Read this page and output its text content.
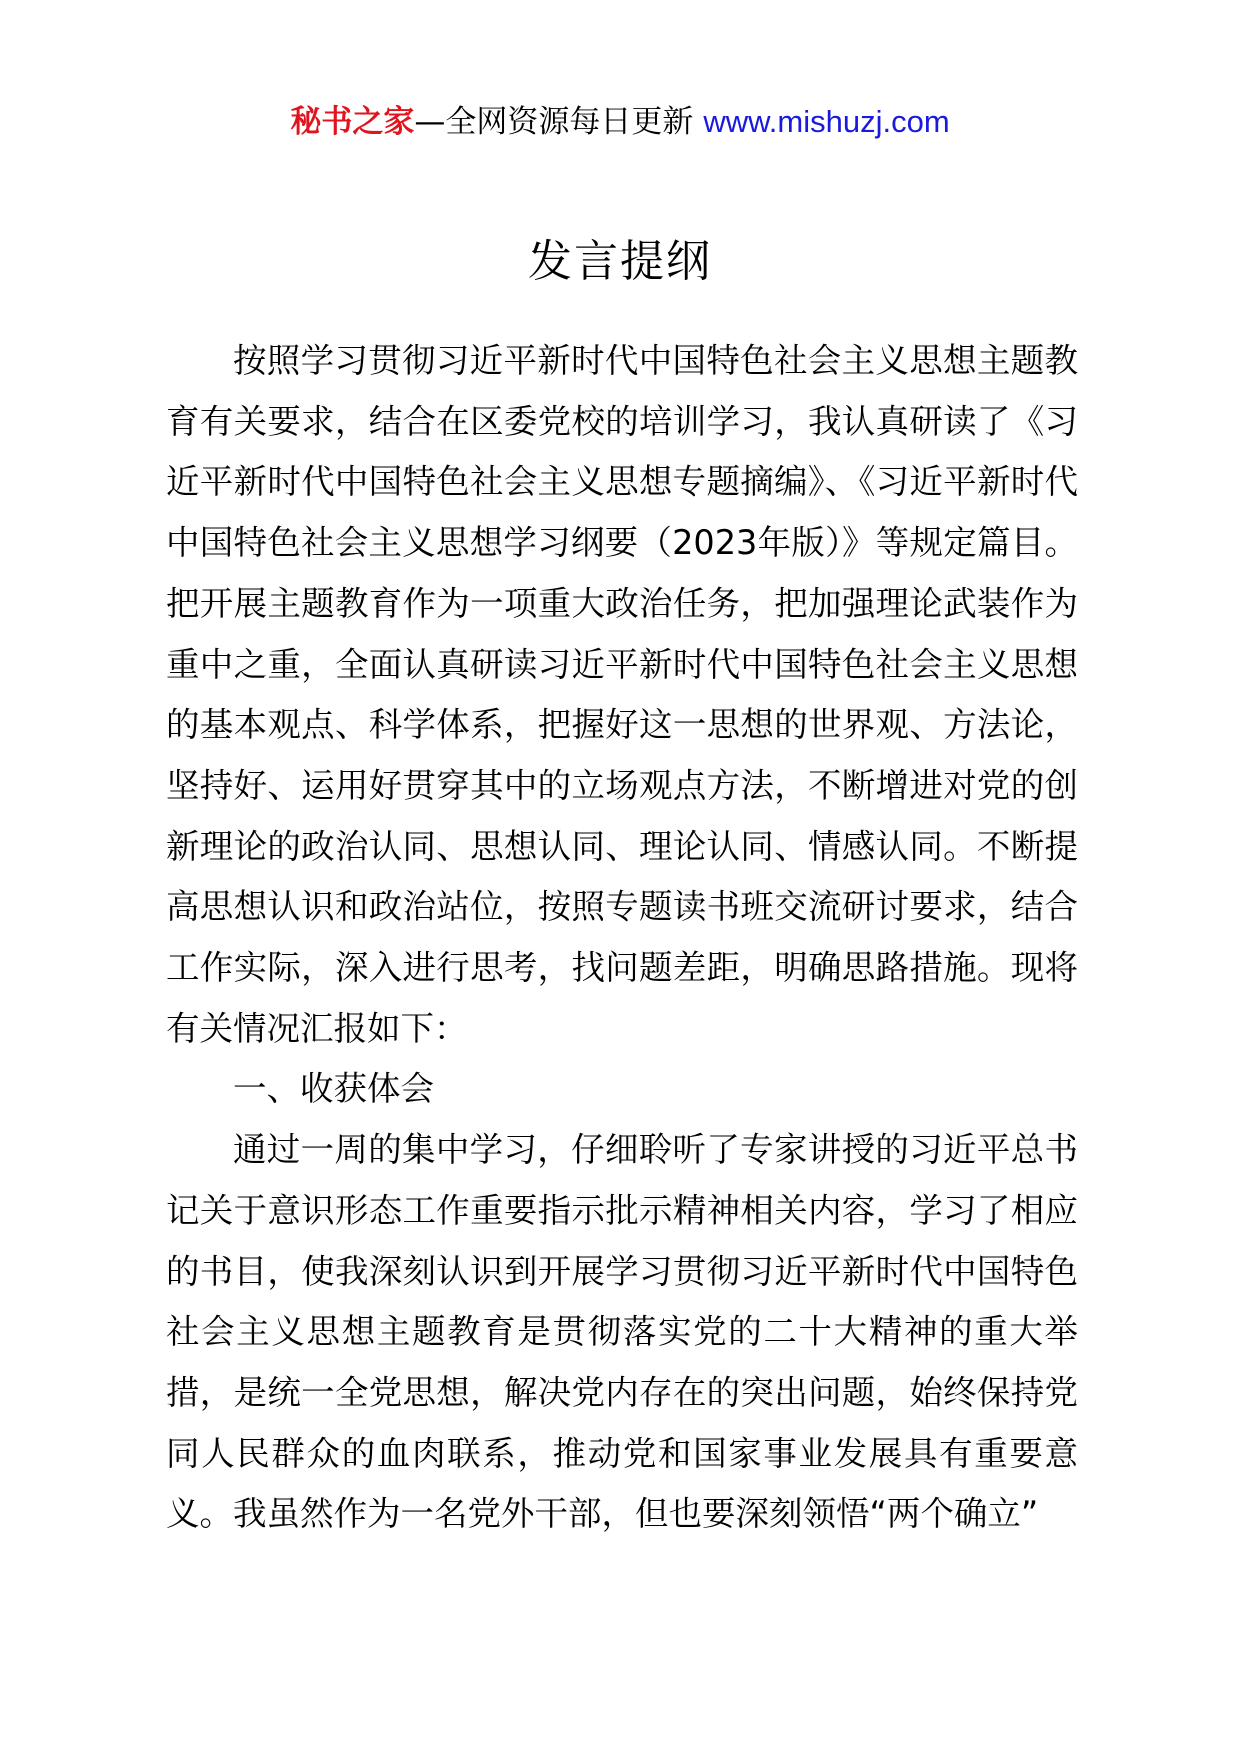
秘书之家—全网资源每日更新 www.mishuzj.com
发言提纲

按照学习贯彻习近平新时代中国特色社会主义思想主题教育有关要求，结合在区委党校的培训学习，我认真研读了《习近平新时代中国特色社会主义思想专题摘编》、《习近平新时代中国特色社会主义思想学习纲要（2023年版）》等规定篇目。把开展主题教育作为一项重大政治任务，把加强理论武装作为重中之重，全面认真研读习近平新时代中国特色社会主义思想的基本观点、科学体系，把握好这一思想的世界观、方法论，坚持好、运用好贯穿其中的立场观点方法，不断增进对党的创新理论的政治认同、思想认同、理论认同、情感认同。不断提高思想认识和政治站位，按照专题读书班交流研讨要求，结合工作实际，深入进行思考，找问题差距，明确思路措施。现将有关情况汇报如下：

一、收获体会

通过一周的集中学习，仔细聆听了专家讲授的习近平总书记关于意识形态工作重要指示批示精神相关内容，学习了相应的书目，使我深刻认识到开展学习贯彻习近平新时代中国特色社会主义思想主题教育是贯彻落实党的二十大精神的重大举措，是统一全党思想，解决党内存在的突出问题，始终保持党同人民群众的血肉联系，推动党和国家事业发展具有重要意义。我虽然作为一名党外干部，但也要深刻领悟“两个确立”
